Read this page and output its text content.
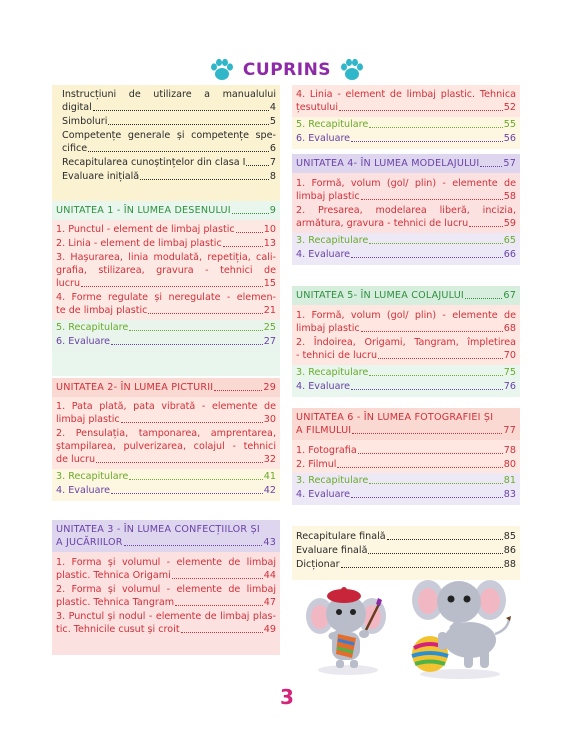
CUPRINS
Instrucțiuni de utilizare a manualului
digital	4
Simboluri	5
Competențe generale și competențe spe-
cifice	6
Recapitularea cunoștințelor din clasa I	7
Evaluare inițială	8
UNITATEA 1 - ÎN LUMEA DESENULUI	9
1. Punctul - element de limbaj plastic	10
2. Linia - element de limbaj plastic	13
3. Hașurarea, linia modulată, repetiția, cali-
grafia, stilizarea, gravura - tehnici de
lucru	15
4. Forme regulate și neregulate - elemen-
te de limbaj plastic	21
5. Recapitulare	25
6. Evaluare	27
UNITATEA 2- ÎN LUMEA PICTURII	29
1. Pata plată, pata vibrată - elemente de
limbaj plastic	30
2. Pensulația, tamponarea, amprentarea,
ștampilarea, pulverizarea, colajul - tehnici
de lucru	32
3. Recapitulare	41
4. Evaluare	42
UNITATEA 3 - ÎN LUMEA CONFECȚIILOR ȘI
A JUCĂRIILOR	43
1. Forma și volumul - elemente de limbaj
plastic. Tehnica Origami	44
2. Forma și volumul - elemente de limbaj
plastic. Tehnica Tangram	47
3. Punctul și nodul - elemente de limbaj plas-
tic. Tehnicile cusut și croit	49
4. Linia - element de limbaj plastic. Tehnica
țesutului	52
5. Recapitulare	55
6. Evaluare	56
UNITATEA 4- ÎN LUMEA MODELAJULUI	57
1. Formă, volum (gol/ plin) - elemente de
limbaj plastic	58
2. Presarea, modelarea liberă, incizia,
armătura, gravura - tehnici de lucru	59
3. Recapitulare	65
4. Evaluare	66
UNITATEA 5- ÎN LUMEA COLAJULUI	67
1. Formă, volum (gol/ plin) - elemente de
limbaj plastic	68
2. Îndoirea, Origami, Tangram, împletirea
- tehnici de lucru	70
3. Recapitulare	75
4. Evaluare	76
UNITATEA 6 - ÎN LUMEA FOTOGRAFIEI ȘI
A FILMULUI	77
1. Fotografia	78
2. Filmul	80
3. Recapitulare	81
4. Evaluare	83
Recapitulare finală	85
Evaluare finală	86
Dicționar	88
3
